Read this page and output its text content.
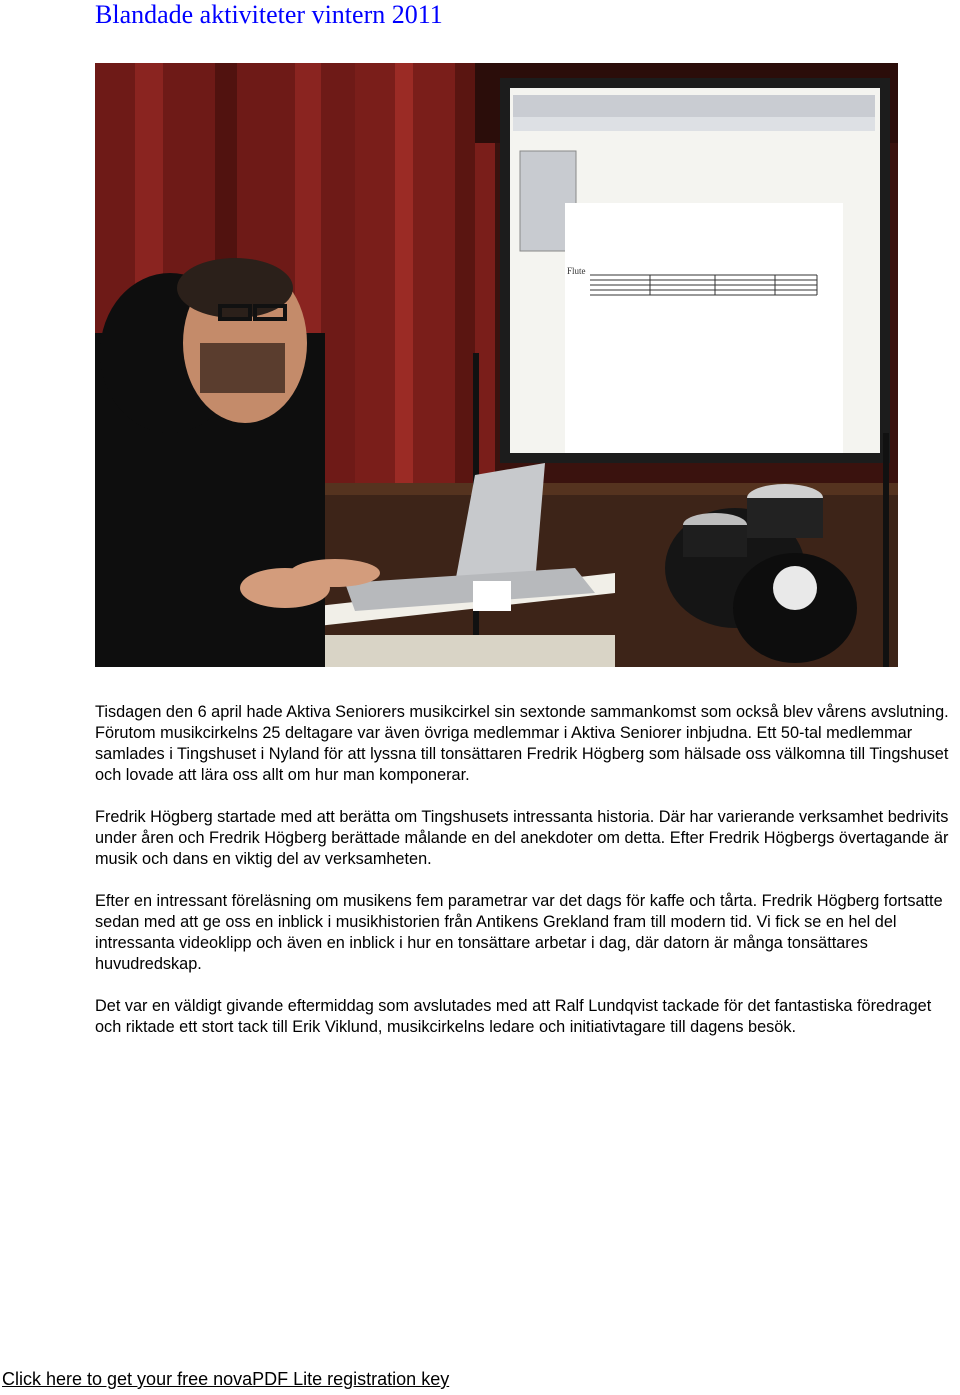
Blandade aktiviteter vintern 2011
Flute

Tisdagen den 6 april hade Aktiva Seniorers musikcirkel sin sextonde sammankomst som också blev vårens avslutning. Förutom musikcirkelns 25 deltagare var även övriga medlemmar i Aktiva Seniorer inbjudna. Ett 50-tal medlemmar samlades i Tingshuset i Nyland för att lyssna till tonsättaren Fredrik Högberg som hälsade oss välkomna till Tingshuset och lovade att lära oss allt om hur man komponerar.

Fredrik Högberg startade med att berätta om Tingshusets intressanta historia. Där har varierande verksamhet bedrivits under åren och Fredrik Högberg berättade målande en del anekdoter om detta. Efter Fredrik Högbergs övertagande är musik och dans en viktig del av verksamheten.

Efter en intressant föreläsning om musikens fem parametrar var det dags för kaffe och tårta. Fredrik Högberg fortsatte sedan med att ge oss en inblick i musikhistorien från Antikens Grekland fram till modern tid. Vi fick se en hel del intressanta videoklipp och även en inblick i hur en tonsättare arbetar i dag, där datorn är många tonsättares huvudredskap.

Det var en väldigt givande eftermiddag som avslutades med att Ralf Lundqvist tackade för det fantastiska föredraget och riktade ett stort tack till Erik Viklund, musikcirkelns ledare och initiativtagare till dagens besök.

Click here to get your free novaPDF Lite registration key
